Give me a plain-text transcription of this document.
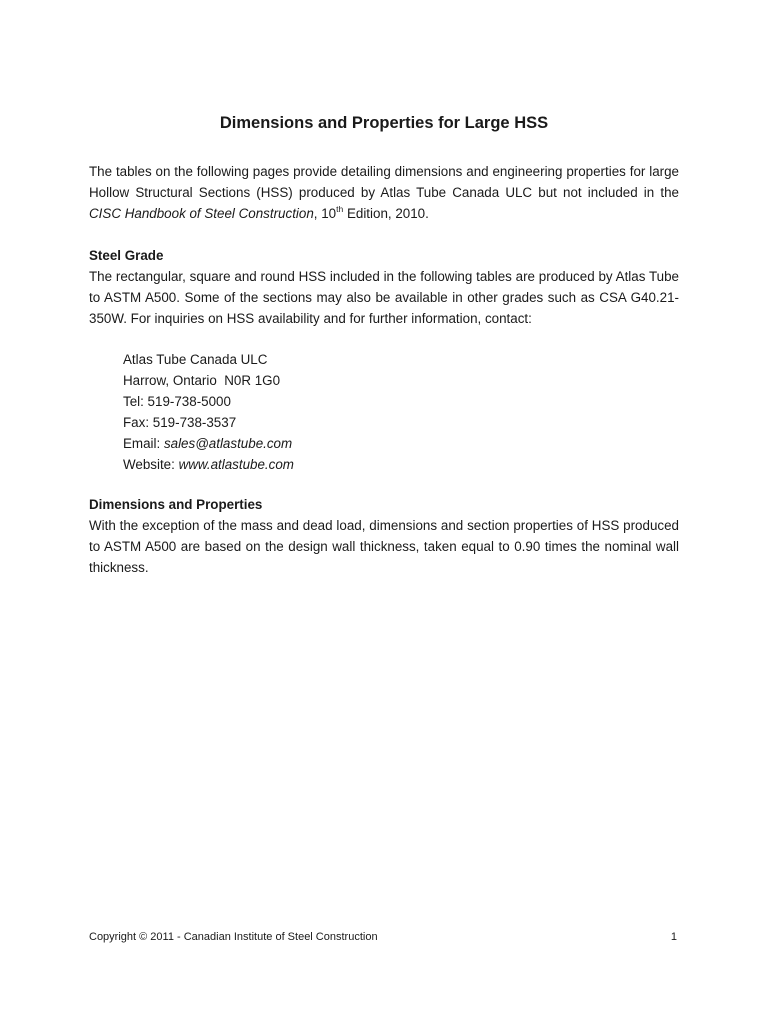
Dimensions and Properties for Large HSS

The tables on the following pages provide detailing dimensions and engineering properties for large Hollow Structural Sections (HSS) produced by Atlas Tube Canada ULC but not included in the CISC Handbook of Steel Construction, 10th Edition, 2010.

Steel Grade

The rectangular, square and round HSS included in the following tables are produced by Atlas Tube to ASTM A500. Some of the sections may also be available in other grades such as CSA G40.21-350W. For inquiries on HSS availability and for further information, contact:

Atlas Tube Canada ULC
Harrow, Ontario  N0R 1G0
Tel: 519-738-5000
Fax: 519-738-3537
Email: sales@atlastube.com
Website: www.atlastube.com
Dimensions and Properties

With the exception of the mass and dead load, dimensions and section properties of HSS produced to ASTM A500 are based on the design wall thickness, taken equal to 0.90 times the nominal wall thickness.

Copyright © 2011 - Canadian Institute of Steel Construction	1
